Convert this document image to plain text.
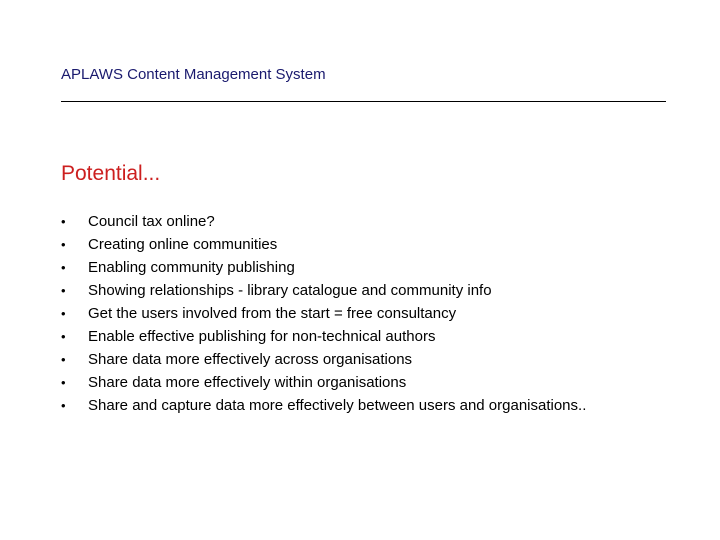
APLAWS Content Management System
Potential...
•	Council tax online?
•	Creating online communities
•	Enabling community publishing
•	Showing relationships - library catalogue and community info
•	Get the users involved from the start = free consultancy
•	Enable effective publishing for non-technical authors
•	Share data more effectively across organisations
•	Share data more effectively within organisations
•	Share and capture data more effectively between users and organisations..
